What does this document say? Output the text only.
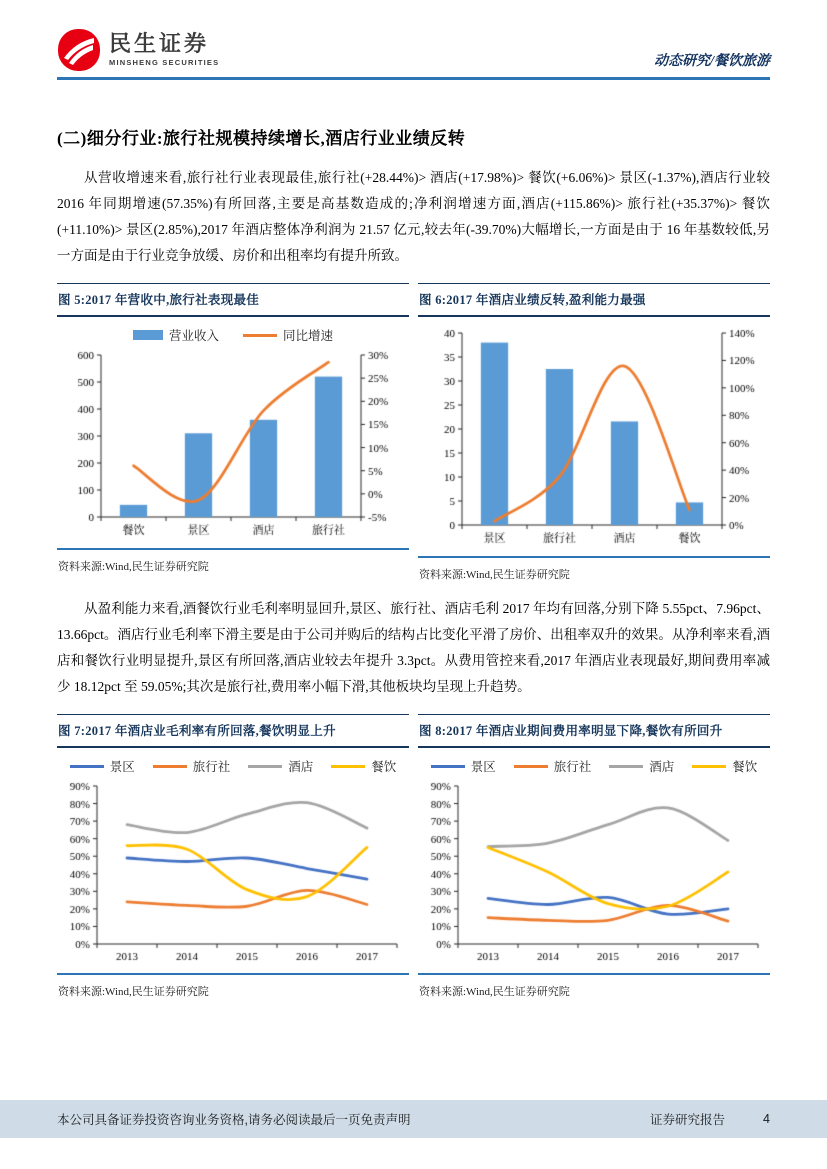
民生证券
MINSHENG SECURITIES	动态研究/餐饮旅游
(二)细分行业:旅行社规模持续增长,酒店行业业绩反转

从营收增速来看,旅行社行业表现最佳,旅行社(+28.44%)> 酒店(+17.98%)> 餐饮(+6.06%)> 景区(-1.37%),酒店行业较 2016 年同期增速(57.35%)有所回落,主要是高基数造成的;净利润增速方面,酒店(+115.86%)> 旅行社(+35.37%)> 餐饮(+11.10%)> 景区(2.85%),2017 年酒店整体净利润为 21.57 亿元,较去年(-39.70%)大幅增长,一方面是由于 16 年基数较低,另一方面是由于行业竞争放缓、房价和出租率均有提升所致。

图 5:2017 年营收中,旅行社表现最佳
营业收入	同比增速
资料来源:Wind,民生证券研究院
图 6:2017 年酒店业绩反转,盈利能力最强
资料来源:Wind,民生证券研究院

从盈利能力来看,酒餐饮行业毛利率明显回升,景区、旅行社、酒店毛利 2017 年均有回落,分别下降 5.55pct、7.96pct、13.66pct。酒店行业毛利率下滑主要是由于公司并购后的结构占比变化平滑了房价、出租率双升的效果。从净利率来看,酒店和餐饮行业明显提升,景区有所回落,酒店业较去年提升 3.3pct。从费用管控来看,2017 年酒店业表现最好,期间费用率减少 18.12pct 至 59.05%;其次是旅行社,费用率小幅下滑,其他板块均呈现上升趋势。

图 7:2017 年酒店业毛利率有所回落,餐饮明显上升
景区	旅行社	酒店	餐饮
资料来源:Wind,民生证券研究院
图 8:2017 年酒店业期间费用率明显下降,餐饮有所回升
景区	旅行社	酒店	餐饮
资料来源:Wind,民生证券研究院
本公司具备证券投资咨询业务资格,请务必阅读最后一页免责声明	证券研究报告	4
